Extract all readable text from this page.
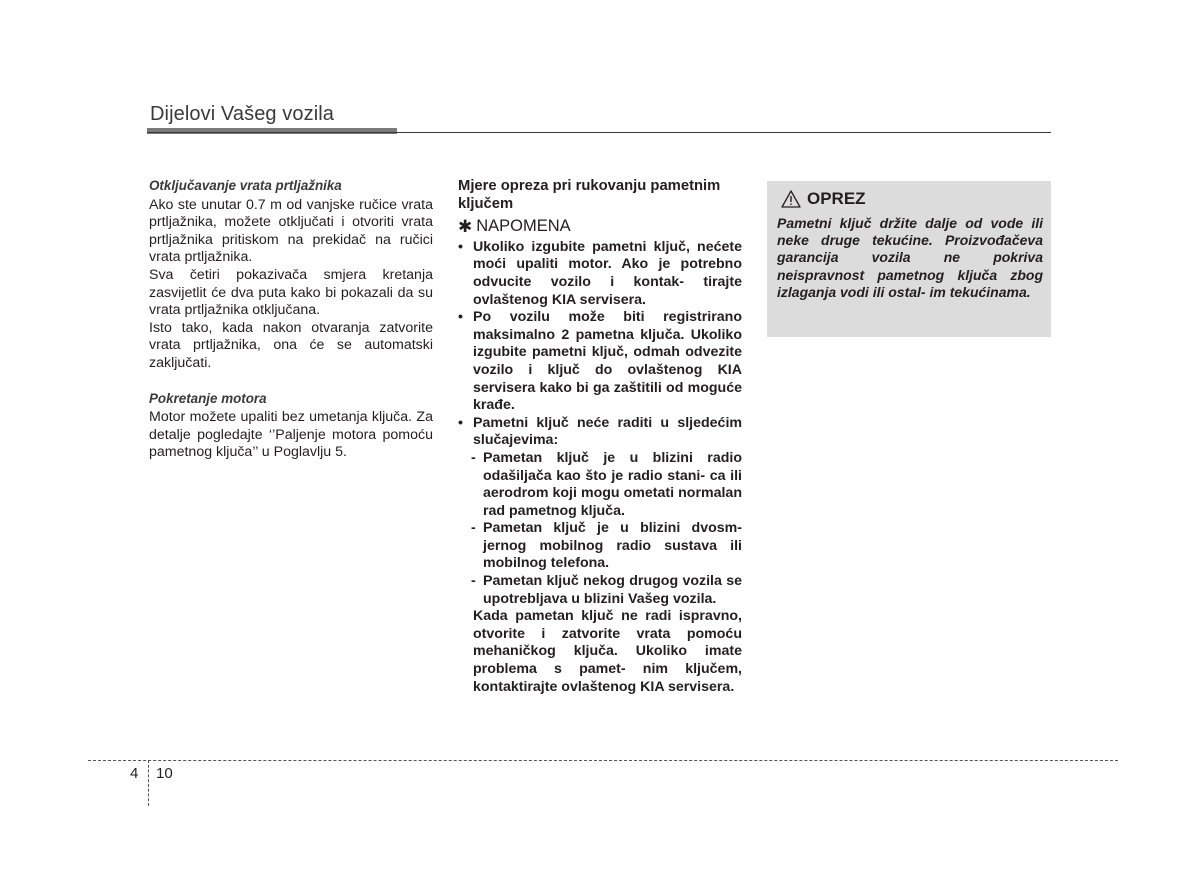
Dijelovi Vašeg vozila
Otključavanje vrata prtljažnika

Ako ste unutar 0.7 m od vanjske ručice vrata prtljažnika, možete otključati i otvoriti vrata prtljažnika pritiskom na prekidač na ručici vrata prtljažnika.

Sva četiri pokazivača smjera kretanja zasvijetlit će dva puta kako bi pokazali da su vrata prtljažnika otključana.

Isto tako, kada nakon otvaranja zatvorite vrata prtljažnika, ona će se automatski zaključati.

Pokretanje motora

Motor možete upaliti bez umetanja ključa. Za detalje pogledajte ‘’Paljenje motora pomoću pametnog ključa’’ u Poglavlju 5.

Mjere opreza pri rukovanju pametnim ključem

✱ NAPOMENA

• Ukoliko izgubite pametni ključ, nećete moći upaliti motor. Ako je potrebno odvucite vozilo i kontak- tirajte ovlaštenog KIA servisera.

• Po vozilu može biti registrirano maksimalno 2 pametna ključa. Ukoliko izgubite pametni ključ, odmah odvezite vozilo i ključ do ovlaštenog KIA servisera kako bi ga zaštitili od moguće krađe.

• Pametni ključ neće raditi u sljedećim slučajevima:

- Pametan ključ je u blizini radio odašiljača kao što je radio stani- ca ili aerodrom koji mogu ometati normalan rad pametnog ključa.

- Pametan ključ je u blizini dvosm- jernog mobilnog radio sustava ili mobilnog telefona.

- Pametan ključ nekog drugog vozila se upotrebljava u blizini Vašeg vozila.

Kada pametan ključ ne radi ispravno, otvorite i zatvorite vrata pomoću mehaničkog ključa. Ukoliko imate problema s pamet- nim ključem, kontaktirajte ovlaštenog KIA servisera.

OPREZ
Pametni ključ držite dalje od vode ili neke druge tekućine. Proizvođačeva garancija vozila ne pokriva neispravnost pametnog ključa zbog izlaganja vodi ili ostal- im tekućinama.
4 10
